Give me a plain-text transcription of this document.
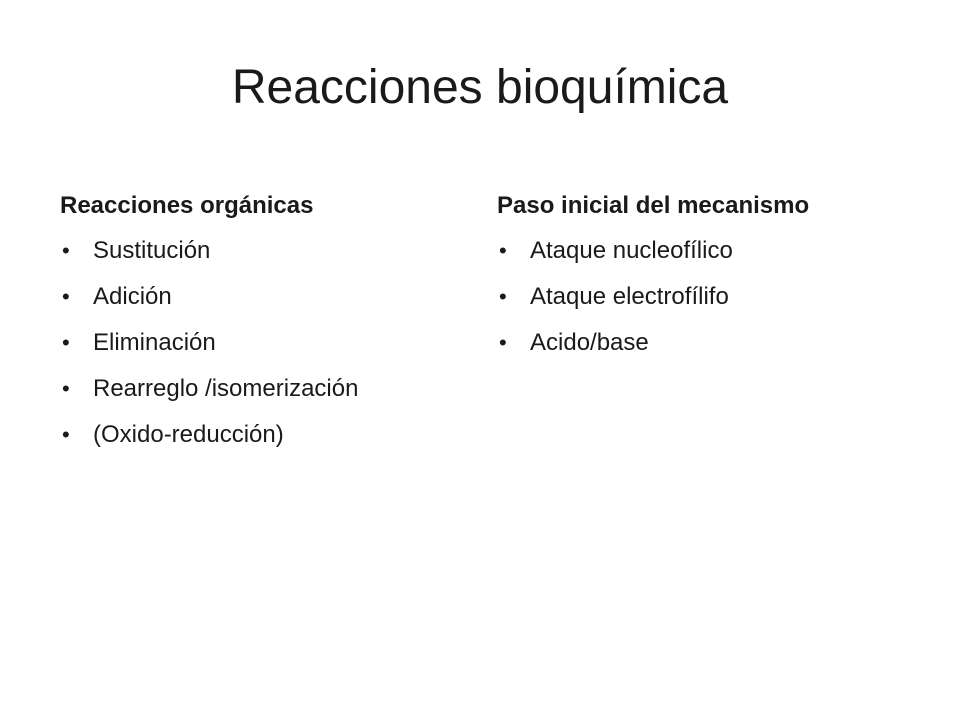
Reacciones bioquímica
Reacciones orgánicas
• Sustitución
• Adición
• Eliminación
• Rearreglo /isomerización
• (Oxido-reducción)
Paso inicial del mecanismo
• Ataque nucleofílico
• Ataque electrofílifo
• Acido/base
